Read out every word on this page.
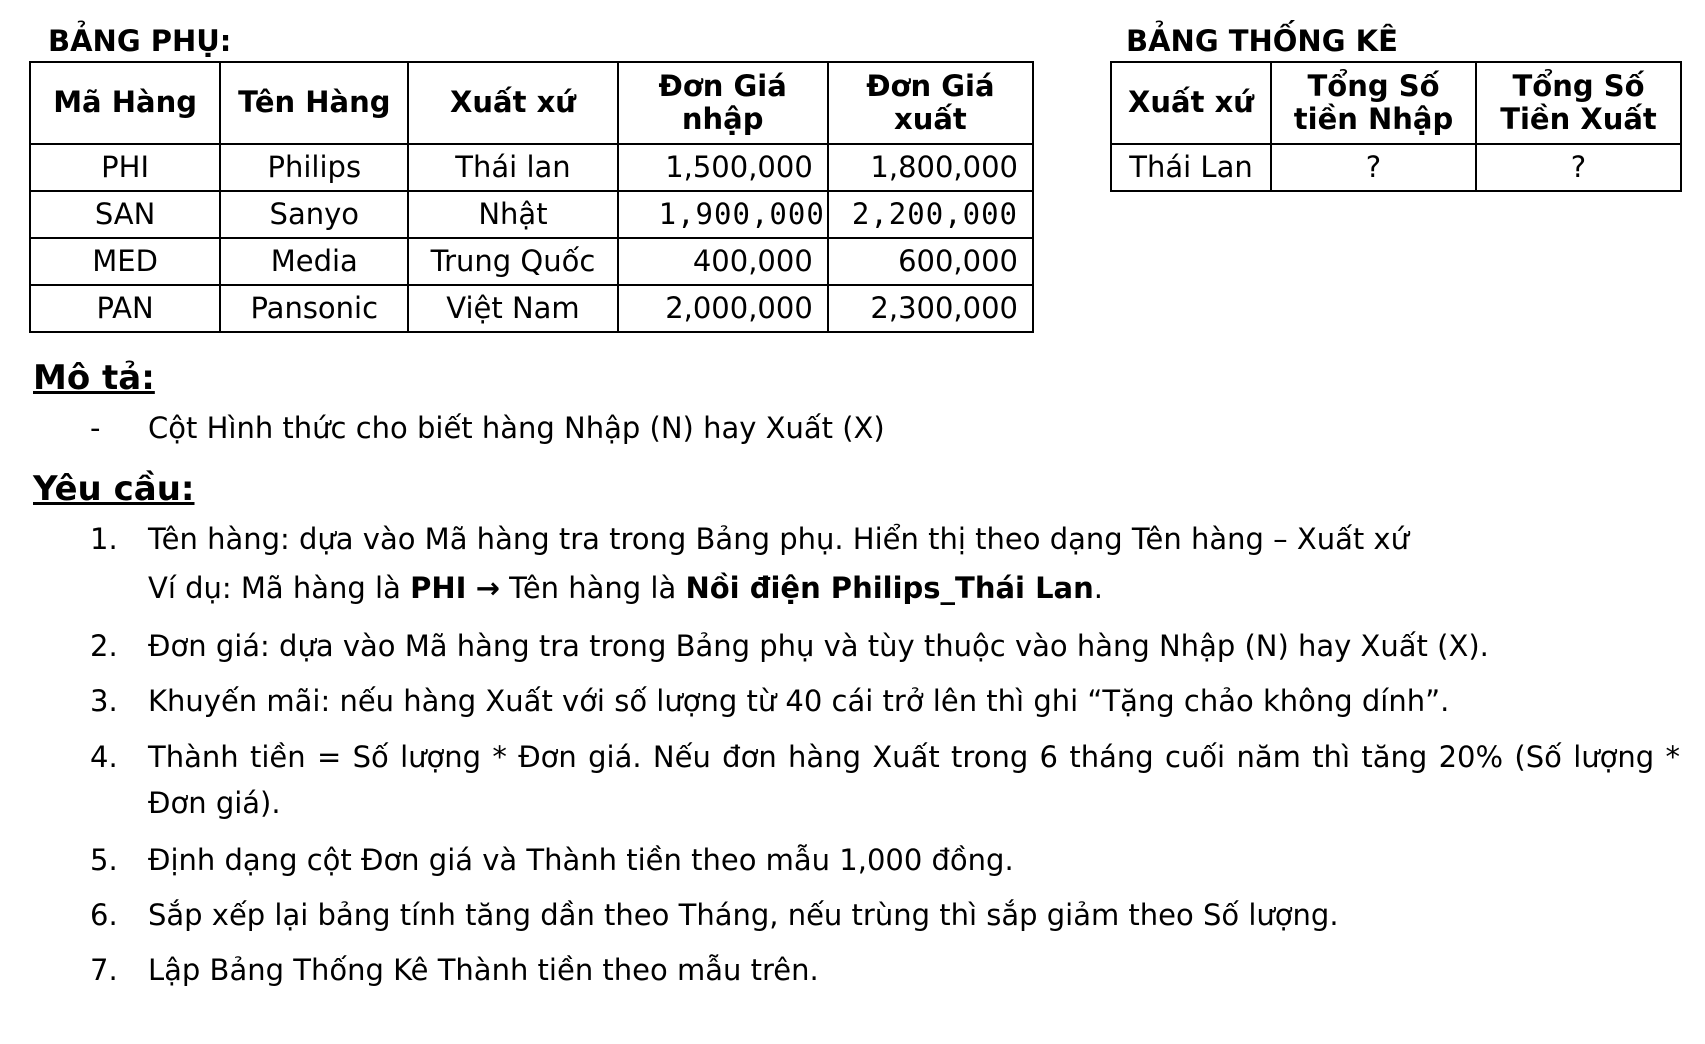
BẢNG PHỤ:
Mã Hàng	Tên Hàng	Xuất xứ	Đơn Giá nhập	Đơn Giá xuất
PHI	Philips	Thái lan	1,500,000	1,800,000
SAN	Sanyo	Nhật	1,900,000	2,200,000
MED	Media	Trung Quốc	400,000	600,000
PAN	Pansonic	Việt Nam	2,000,000	2,300,000
BẢNG THỐNG KÊ
Xuất xứ	Tổng Số tiền Nhập	Tổng Số Tiền Xuất
Thái Lan	?	?
Mô tả:
- Cột Hình thức cho biết hàng Nhập (N) hay Xuất (X)
Yêu cầu:
1. Tên hàng: dựa vào Mã hàng tra trong Bảng phụ. Hiển thị theo dạng Tên hàng – Xuất xứ
Ví dụ: Mã hàng là PHI → Tên hàng là Nồi điện Philips_Thái Lan.
2. Đơn giá: dựa vào Mã hàng tra trong Bảng phụ và tùy thuộc vào hàng Nhập (N) hay Xuất (X).
3. Khuyến mãi: nếu hàng Xuất với số lượng từ 40 cái trở lên thì ghi “Tặng chảo không dính”.
4. Thành tiền = Số lượng * Đơn giá. Nếu đơn hàng Xuất trong 6 tháng cuối năm thì tăng 20% (Số lượng *
Đơn giá).
5. Định dạng cột Đơn giá và Thành tiền theo mẫu 1,000 đồng.
6. Sắp xếp lại bảng tính tăng dần theo Tháng, nếu trùng thì sắp giảm theo Số lượng.
7. Lập Bảng Thống Kê Thành tiền theo mẫu trên.
